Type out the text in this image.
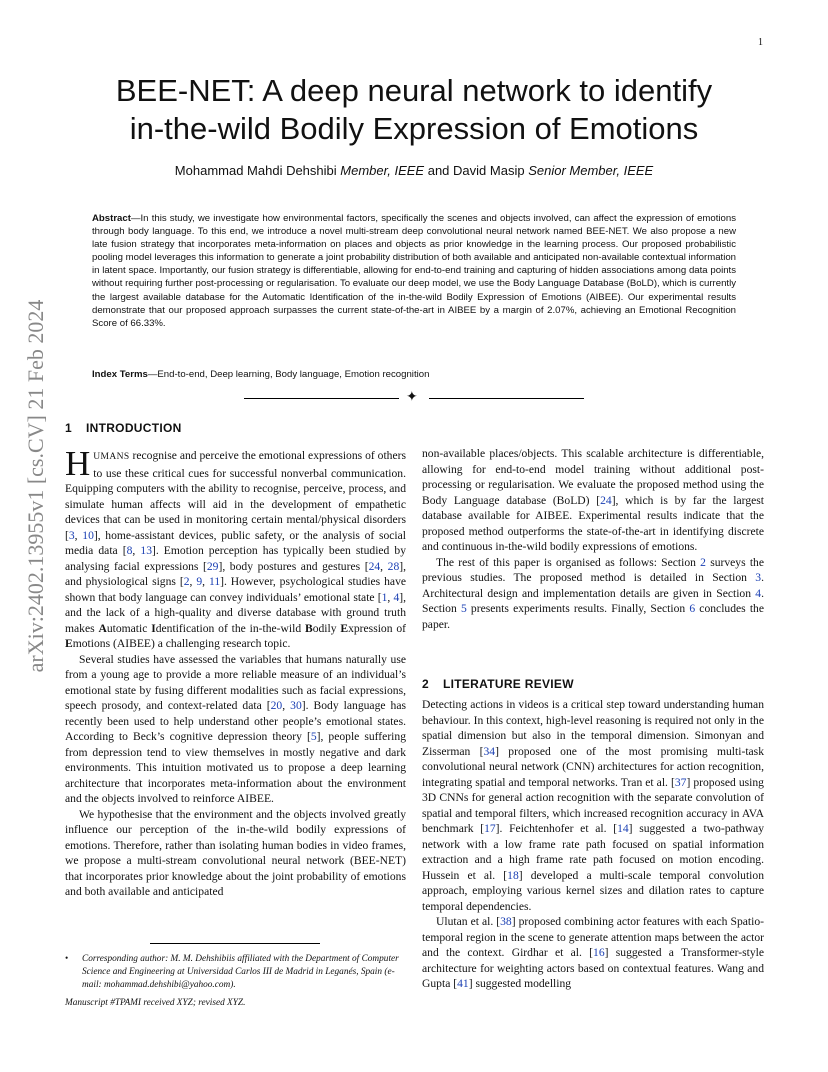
1
arXiv:2402.13955v1 [cs.CV] 21 Feb 2024
BEE-NET: A deep neural network to identify
in-the-wild Bodily Expression of Emotions
Mohammad Mahdi Dehshibi Member, IEEE and David Masip Senior Member, IEEE
Abstract—In this study, we investigate how environmental factors, specifically the scenes and objects involved, can affect the expression of emotions through body language. To this end, we introduce a novel multi-stream deep convolutional neural network named BEE-NET. We also propose a new late fusion strategy that incorporates meta-information on places and objects as prior knowledge in the learning process. Our proposed probabilistic pooling model leverages this information to generate a joint probability distribution of both available and anticipated non-available contextual information in latent space. Importantly, our fusion strategy is differentiable, allowing for end-to-end training and capturing of hidden associations among data points without requiring further post-processing or regularisation. To evaluate our deep model, we use the Body Language Database (BoLD), which is currently the largest available database for the Automatic Identification of the in-the-wild Bodily Expression of Emotions (AIBEE). Our experimental results demonstrate that our proposed approach surpasses the current state-of-the-art in AIBEE by a margin of 2.07%, achieving an Emotional Recognition Score of 66.33%.
Index Terms—End-to-end, Deep learning, Body language, Emotion recognition
✦
1 INTRODUCTION

HUMANS recognise and perceive the emotional expressions of others to use these critical cues for successful nonverbal communication. Equipping computers with the ability to recognise, perceive, process, and simulate human affects will aid in the development of empathetic devices that can be used in monitoring certain mental/physical disorders [3, 10], home-assistant devices, public safety, or the analysis of social media data [8, 13]. Emotion perception has typically been studied by analysing facial expressions [29], body postures and gestures [24, 28], and physiological signs [2, 9, 11]. However, psychological studies have shown that body language can convey individuals’ emotional state [1, 4], and the lack of a high-quality and diverse database with ground truth makes Automatic Identification of the in-the-wild Bodily Expression of Emotions (AIBEE) a challenging research topic.

Several studies have assessed the variables that humans naturally use from a young age to provide a more reliable measure of an individual’s emotional state by fusing different modalities such as facial expressions, speech prosody, and context-related data [20, 30]. Body language has recently been used to help understand other people’s emotional states. According to Beck’s cognitive depression theory [5], people suffering from depression tend to view themselves in mostly negative and dark environments. This intuition motivated us to propose a deep learning architecture that incorporates meta-information about the environment and the objects involved to reinforce AIBEE.

We hypothesise that the environment and the objects involved greatly influence our perception of the in-the-wild bodily expressions of emotions. Therefore, rather than isolating human bodies in video frames, we propose a multi-stream convolutional neural network (BEE-NET) that incorporates prior knowledge about the joint probability of emotions and both available and anticipated

• Corresponding author: M. M. Dehshibiis affiliated with the Department of Computer Science and Engineering at Universidad Carlos III de Madrid in Leganés, Spain (e-mail: mohammad.dehshibi@yahoo.com).
Manuscript #TPAMI received XYZ; revised XYZ.

non-available places/objects. This scalable architecture is differentiable, allowing for end-to-end model training without additional post-processing or regularisation. We evaluate the proposed method using the Body Language database (BoLD) [24], which is by far the largest database available for AIBEE. Experimental results indicate that the proposed method outperforms the state-of-the-art in identifying discrete and continuous in-the-wild bodily expressions of emotions.

The rest of this paper is organised as follows: Section 2 surveys the previous studies. The proposed method is detailed in Section 3. Architectural design and implementation details are given in Section 4. Section 5 presents experiments results. Finally, Section 6 concludes the paper.

2 LITERATURE REVIEW

Detecting actions in videos is a critical step toward understanding human behaviour. In this context, high-level reasoning is required not only in the spatial dimension but also in the temporal dimension. Simonyan and Zisserman [34] proposed one of the most promising multi-task convolutional neural network (CNN) architectures for action recognition, integrating spatial and temporal networks. Tran et al. [37] proposed using 3D CNNs for general action recognition with the separate convolution of spatial and temporal filters, which increased recognition accuracy in AVA benchmark [17]. Feichtenhofer et al. [14] suggested a two-pathway network with a low frame rate path focused on spatial information extraction and a high frame rate path focused on motion encoding. Hussein et al. [18] developed a multi-scale temporal convolution approach, employing various kernel sizes and dilation rates to capture temporal dependencies.

Ulutan et al. [38] proposed combining actor features with each Spatio-temporal region in the scene to generate attention maps between the actor and the context. Girdhar et al. [16] suggested a Transformer-style architecture for weighting actors based on contextual features. Wang and Gupta [41] suggested modelling
